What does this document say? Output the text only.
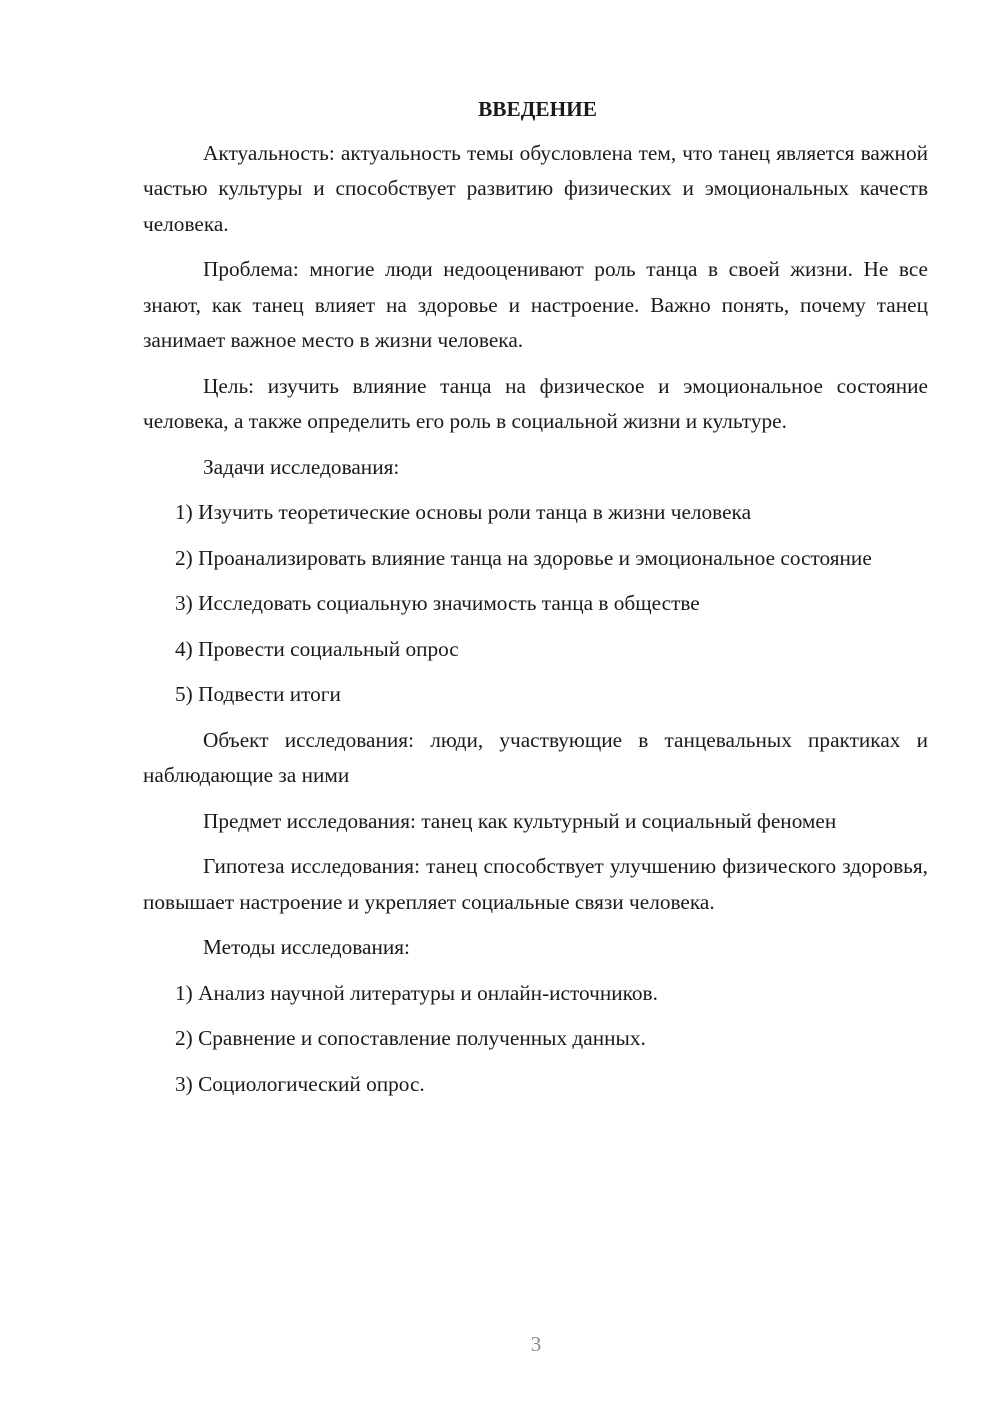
ВВЕДЕНИЕ

Актуальность: актуальность темы обусловлена тем, что танец является важной частью культуры и способствует развитию физических и эмоциональных качеств человека.

Проблема: многие люди недооценивают роль танца в своей жизни. Не все знают, как танец влияет на здоровье и настроение. Важно понять, почему танец занимает важное место в жизни человека.

Цель: изучить влияние танца на физическое и эмоциональное состояние человека, а также определить его роль в социальной жизни и культуре.

Задачи исследования:

1) Изучить теоретические основы роли танца в жизни человека

2) Проанализировать влияние танца на здоровье и эмоциональное состояние

3) Исследовать социальную значимость танца в обществе

4) Провести социальный опрос

5) Подвести итоги

Объект исследования: люди, участвующие в танцевальных практиках и наблюдающие за ними

Предмет исследования: танец как культурный и социальный феномен

Гипотеза исследования: танец способствует улучшению физического здоровья, повышает настроение и укрепляет социальные связи человека.

Методы исследования:

1) Анализ научной литературы и онлайн-источников.

2) Сравнение и сопоставление полученных данных.

3) Социологический опрос.

3
